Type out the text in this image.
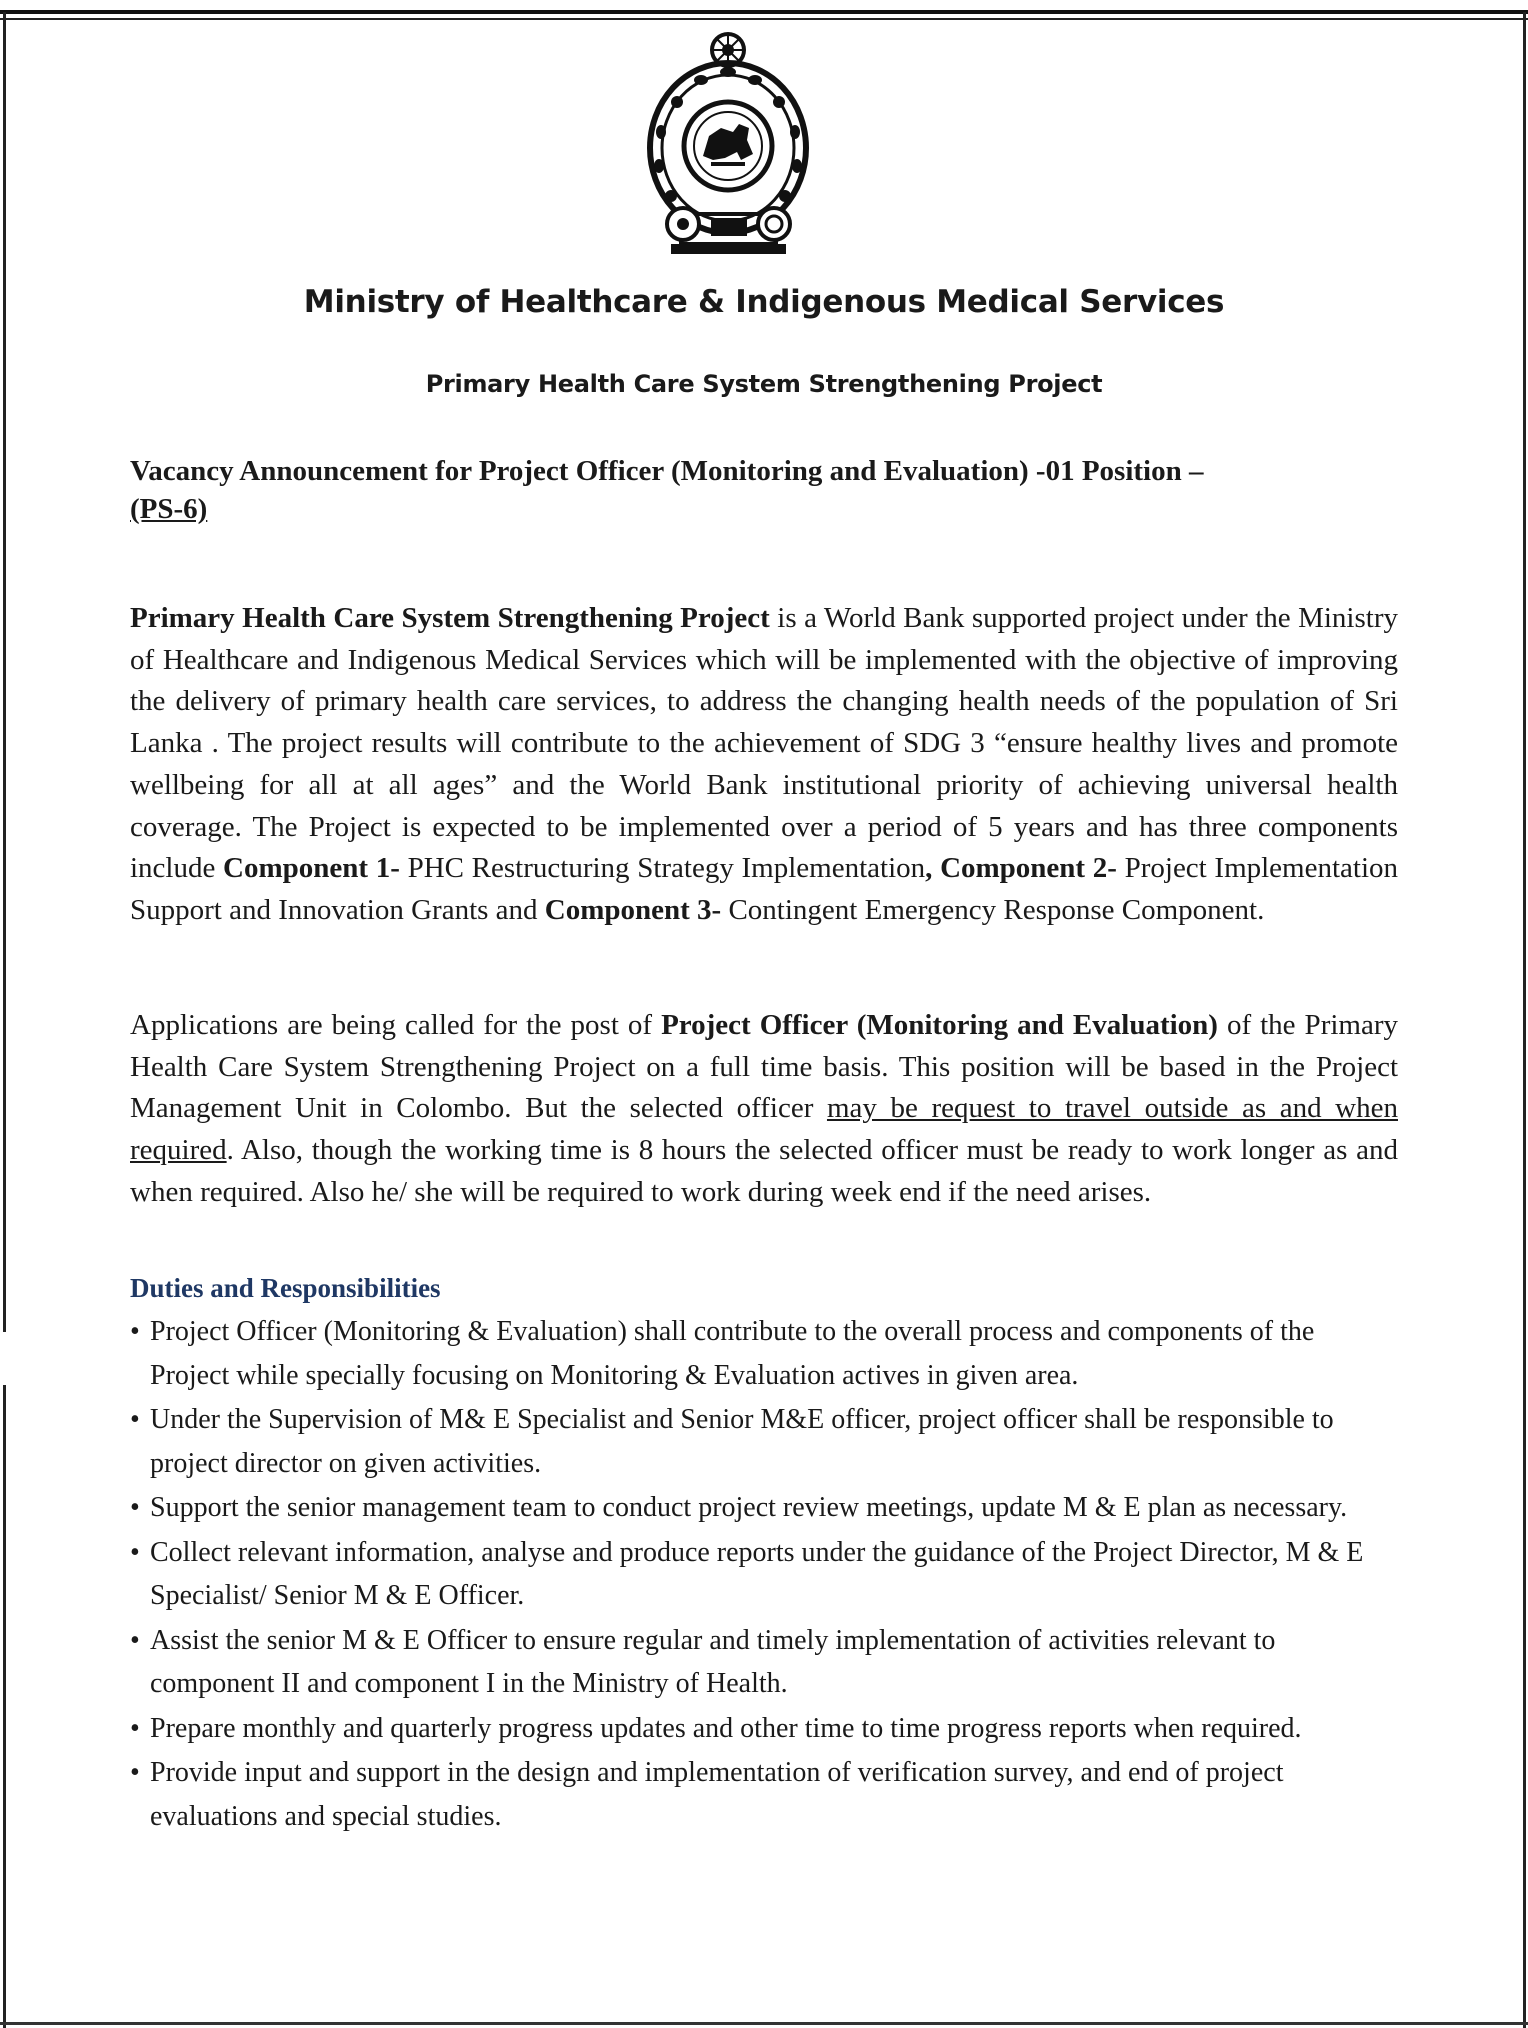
Ministry of Healthcare & Indigenous Medical Services
Primary Health Care System Strengthening Project
Vacancy Announcement for Project Officer (Monitoring and Evaluation) -01 Position –
(PS-6)
Primary Health Care System Strengthening Project is a World Bank supported project under the Ministry of Healthcare and Indigenous Medical Services which will be implemented with the objective of improving the delivery of primary health care services, to address the changing health needs of the population of Sri Lanka . The project results will contribute to the achievement of SDG 3 “ensure healthy lives and promote wellbeing for all at all ages” and the World Bank institutional priority of achieving universal health coverage. The Project is expected to be implemented over a period of 5 years and has three components include Component 1- PHC Restructuring Strategy Implementation, Component 2- Project Implementation Support and Innovation Grants and Component 3- Contingent Emergency Response Component.
Applications are being called for the post of Project Officer (Monitoring and Evaluation) of the Primary Health Care System Strengthening Project on a full time basis. This position will be based in the Project Management Unit in Colombo. But the selected officer may be request to travel outside as and when required. Also, though the working time is 8 hours the selected officer must be ready to work longer as and when required. Also he/ she will be required to work during week end if the need arises.
Duties and Responsibilities
• Project Officer (Monitoring & Evaluation) shall contribute to the overall process and components of the Project while specially focusing on Monitoring & Evaluation actives in given area.
• Under the Supervision of M& E Specialist and Senior M&E officer, project officer shall be responsible to project director on given activities.
• Support the senior management team to conduct project review meetings, update M & E plan as necessary.
• Collect relevant information, analyse and produce reports under the guidance of the Project Director, M & E Specialist/ Senior M & E Officer.
• Assist the senior M & E Officer to ensure regular and timely implementation of activities relevant to component II and component I in the Ministry of Health.
• Prepare monthly and quarterly progress updates and other time to time progress reports when required.
• Provide input and support in the design and implementation of verification survey, and end of project evaluations and special studies.
